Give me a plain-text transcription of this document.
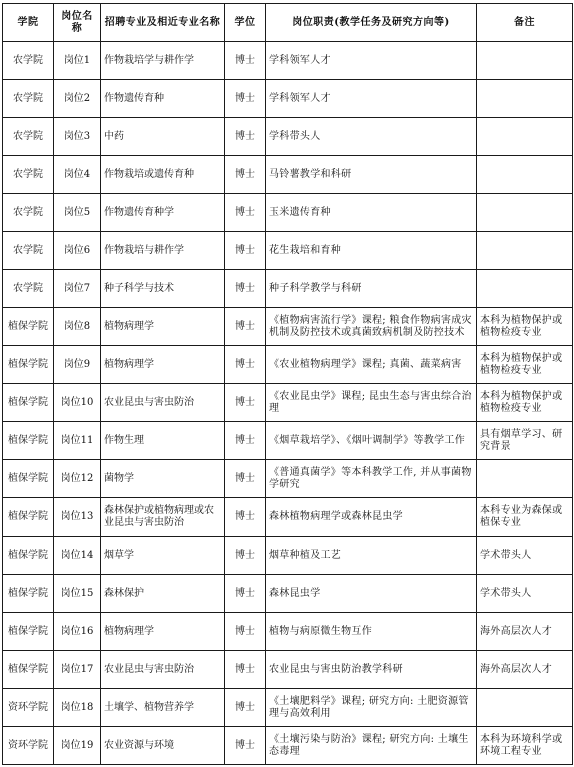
学院	岗位名称	招聘专业及相近专业名称	学位	岗位职责(教学任务及研究方向等)	备注
农学院	岗位1	作物栽培学与耕作学	博士	学科领军人才	
农学院	岗位2	作物遗传育种	博士	学科领军人才	
农学院	岗位3	中药	博士	学科带头人	
农学院	岗位4	作物栽培或遗传育种	博士	马铃薯教学和科研	
农学院	岗位5	作物遗传育种学	博士	玉米遗传育种	
农学院	岗位6	作物栽培与耕作学	博士	花生栽培和育种	
农学院	岗位7	种子科学与技术	博士	种子科学教学与科研	
植保学院	岗位8	植物病理学	博士	《植物病害流行学》课程; 粮食作物病害成灾机制及防控技术或真菌致病机制及防控技术	本科为植物保护或植物检疫专业
植保学院	岗位9	植物病理学	博士	《农业植物病理学》课程; 真菌、蔬菜病害	本科为植物保护或植物检疫专业
植保学院	岗位10	农业昆虫与害虫防治	博士	《农业昆虫学》课程; 昆虫生态与害虫综合治理	本科为植物保护或植物检疫专业
植保学院	岗位11	作物生理	博士	《烟草栽培学》、《烟叶调制学》等教学工作	具有烟草学习、研究背景
植保学院	岗位12	菌物学	博士	《普通真菌学》等本科教学工作, 并从事菌物学研究	
植保学院	岗位13	森林保护或植物病理或农业昆虫与害虫防治	博士	森林植物病理学或森林昆虫学	本科专业为森保或植保专业
植保学院	岗位14	烟草学	博士	烟草种植及工艺	学术带头人
植保学院	岗位15	森林保护	博士	森林昆虫学	学术带头人
植保学院	岗位16	植物病理学	博士	植物与病原微生物互作	海外高层次人才
植保学院	岗位17	农业昆虫与害虫防治	博士	农业昆虫与害虫防治教学科研	海外高层次人才
资环学院	岗位18	土壤学、植物营养学	博士	《土壤肥料学》课程; 研究方向: 土肥资源管理与高效利用	
资环学院	岗位19	农业资源与环境	博士	《土壤污染与防治》课程; 研究方向: 土壤生态毒理	本科为环境科学或环境工程专业
